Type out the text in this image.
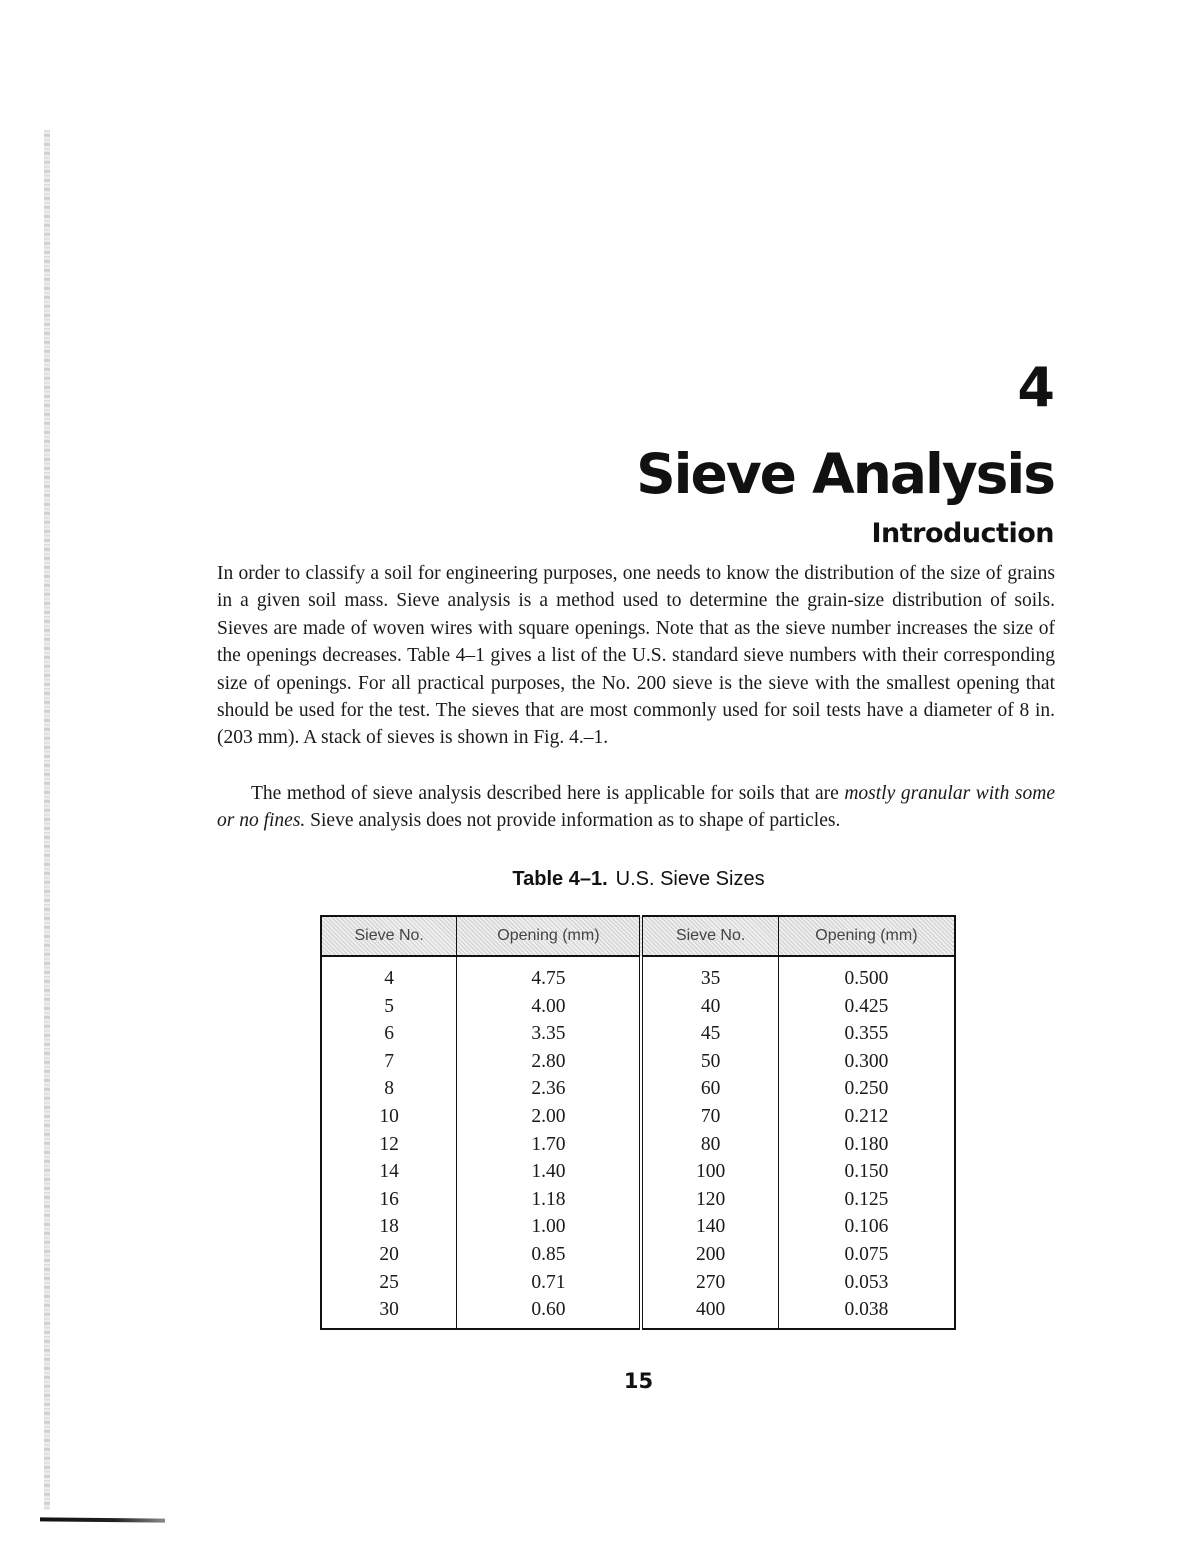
4
Sieve Analysis
Introduction
In order to classify a soil for engineering purposes, one needs to know the distribution of the size of grains in a given soil mass. Sieve analysis is a method used to determine the grain-size distribution of soils. Sieves are made of woven wires with square openings. Note that as the sieve number increases the size of the openings decreases. Table 4–1 gives a list of the U.S. standard sieve numbers with their corresponding size of openings. For all practical purposes, the No. 200 sieve is the sieve with the smallest opening that should be used for the test. The sieves that are most commonly used for soil tests have a diameter of 8 in. (203 mm). A stack of sieves is shown in Fig. 4.–1.
The method of sieve analysis described here is applicable for soils that are mostly granular with some or no fines. Sieve analysis does not provide information as to shape of particles.
Table 4–1. U.S. Sieve Sizes
Sieve No.	Opening (mm)	Sieve No.	Opening (mm)
4	4.75	35	0.500
5	4.00	40	0.425
6	3.35	45	0.355
7	2.80	50	0.300
8	2.36	60	0.250
10	2.00	70	0.212
12	1.70	80	0.180
14	1.40	100	0.150
16	1.18	120	0.125
18	1.00	140	0.106
20	0.85	200	0.075
25	0.71	270	0.053
30	0.60	400	0.038
15
